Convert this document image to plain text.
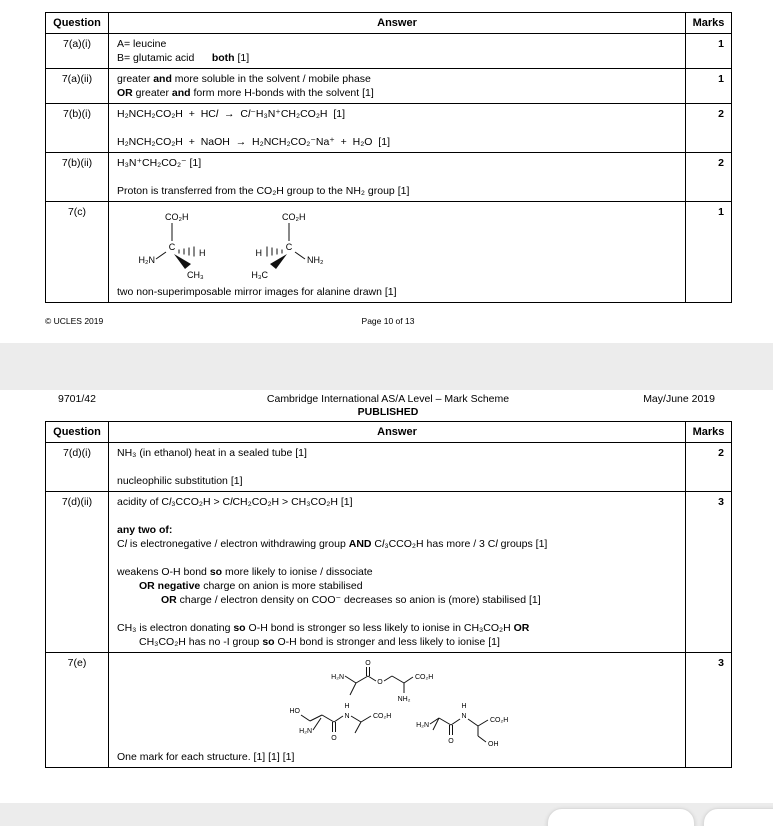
Question	Answer	Marks
7(a)(i)	A= leucine
B= glutamic acid      both [1]	1
7(a)(ii)	greater and more soluble in the solvent / mobile phase
OR greater and form more H-bonds with the solvent [1]	1
7(b)(i)	H₂NCH₂CO₂H  +  HCl  →  Cl⁻H₃N⁺CH₂CO₂H  [1]
H₂NCH₂CO₂H  +  NaOH  →  H₂NCH₂CO₂⁻Na⁺  +  H₂O  [1]	2
7(b)(ii)	H₃N⁺CH₂CO₂⁻ [1]
Proton is transferred from the CO₂H group to the NH₂ group [1]	2
7(c)	CO₂H
C
H₂N
H
CH₃
CO₂H
C
H
NH₂
H₃C
two non-superimposable mirror images for alanine drawn [1]
	1
© UCLES 2019	Page 10 of 13
9701/42	Cambridge International AS/A Level – Mark Scheme
PUBLISHED
May/June 2019
Question	Answer	Marks
7(d)(i)	NH₃ (in ethanol) heat in a sealed tube [1]
nucleophilic substitution [1]	2
7(d)(ii)	acidity of Cl₃CCO₂H > ClCH₂CO₂H > CH₃CO₂H [1]
any two of:
Cl is electronegative / electron withdrawing group AND Cl₃CCO₂H has more / 3 Cl groups [1]
weakens O-H bond so more likely to ionise / dissociate
OR negative charge on anion is more stabilised
OR charge / electron density on COO⁻ decreases so anion is (more) stabilised [1]
CH₃ is electron donating so O-H bond is stronger so less likely to ionise in CH₃CO₂H OR
CH₃CO₂H has no -I group so O-H bond is stronger and less likely to ionise [1]
	3
7(e)	
H₂N
O
O
CO₂H
NH₂
HO
H₂N
O
N
H
CO₂H
H₂N
O
N
H
CO₂H
OH
One mark for each structure. [1] [1] [1]
	3
